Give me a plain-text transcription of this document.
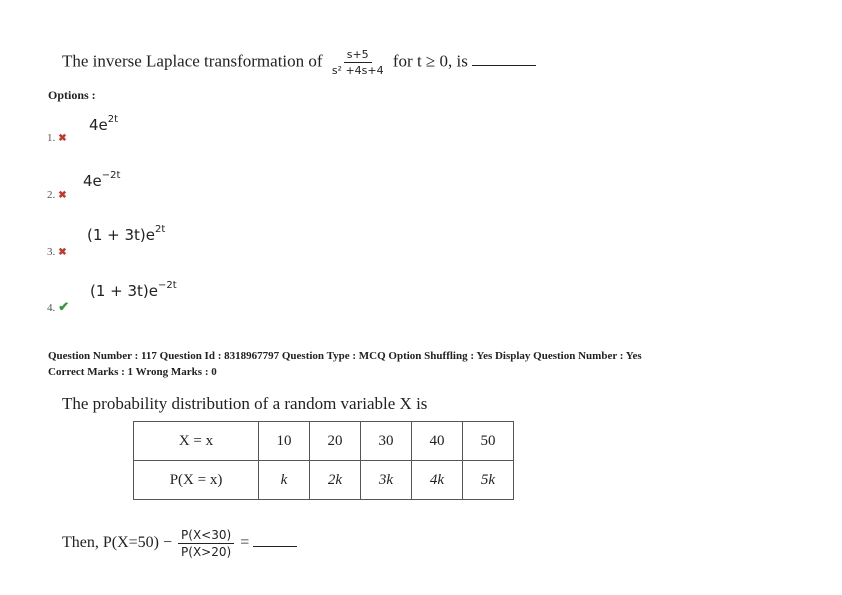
The inverse Laplace transformation of $\frac{s+5}{\text{s² +4s+4}}$ for t ≥ 0, is
Options :
1. ✖
$4e^{2t}$
2. ✖
$4e^{-2t}$
3. ✖
$(1 + 3t)e^{2t}$
4. ✔
$(1 + 3t)e^{-2t}$
Question Number : 117 Question Id : 8318967797 Question Type : MCQ Option Shuffling : Yes Display Question Number : Yes
Correct Marks : 1 Wrong Marks : 0
The probability distribution of a random variable X is
X = x	10	20	30	40	50
P(X = x)	k	2k	3k	4k	5k
Then, $P(X=50) - \frac{P(X<30)}{P(X>20)}$ =
